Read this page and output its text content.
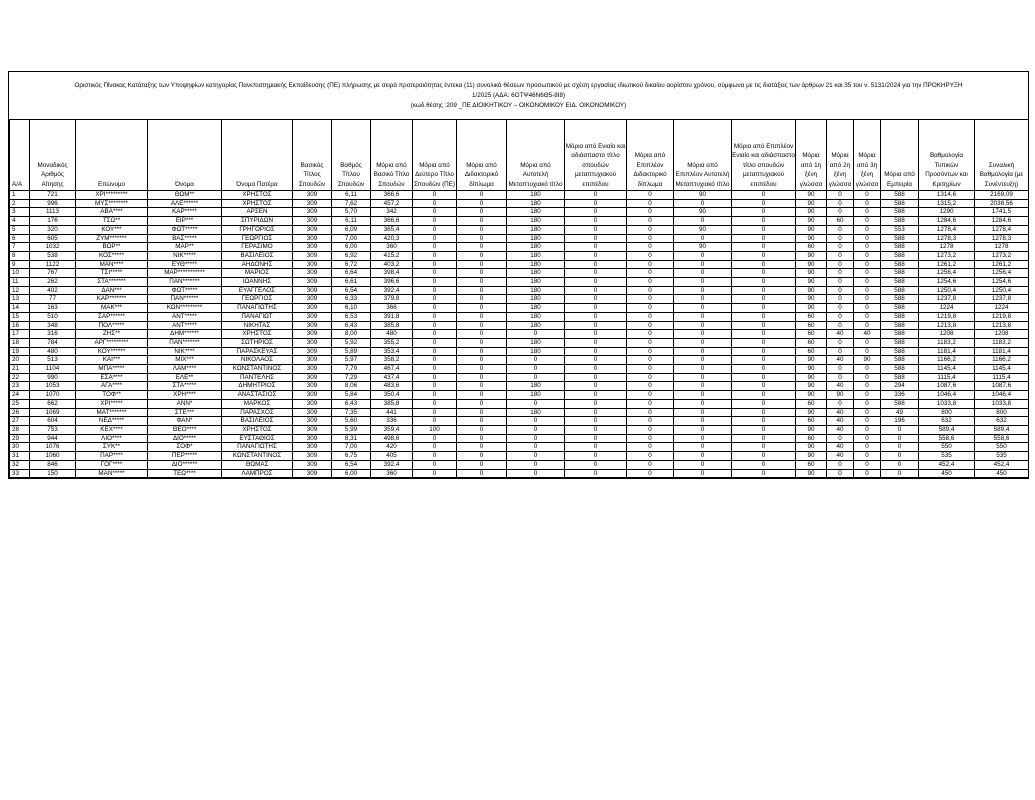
Οριστικός Πίνακας Κατάταξης των Υποψηφίων κατηγορίας Πανεπιστημιακής Εκπαίδευσης (ΠΕ) πλήρωσης με σειρά προτεραιότητας έντεκα (11) συνολικά θέσεων προσωπικού με σχέση εργασίας ιδιωτικού δικαίου αορίστου χρόνου, σύμφωνα με τις διατάξεις των άρθρων 21 και 35 του ν. 5131/2024 για την ΠΡΟΚΗΡΥΞΗ
1/2025 (ΑΔΑ: 6ΟΤΨ46Ν6Θ5-8Ι8)
(κωδ.θέσης :209 _ΠΕ ΔΙΟΙΚΗΤΙΚΟΥ – ΟΙΚΟΝΟΜΙΚΟΥ ΕΙΔ. ΟΙΚΟΝΟΜΙΚΟΥ)
Α/Α	Μοναδικός Αριθμός Αίτησης	Επώνυμο	Όνομα	Όνομα Πατέρα	Βασικός Τίτλος Σπουδών	Βαθμός Τίτλου Σπουδών	Μόρια από Βασικό Τίτλο Σπουδών	Μόρια από Δεύτερο Τίτλο Σπουδών (ΠΕ)	Μόρια από Διδακτορικό δίπλωμα	Μόρια από Αυτοτελή Μεταπτυχιακό τίτλο	Μόρια από Ενιαίο και αδιάσπαστο τίτλο σπουδών μεταπτυχιακού επιπέδου	Μόρια από Επιπλέον Διδακτορικό δίπλωμα	Μόρια από Επιπλέον Αυτοτελή Μεταπτυχιακό τίτλο	Μόρια από Επιπλέον Ενιαίο και αδιάσπαστο τίτλο σπουδών μεταπτυχιακού επιπέδου	Μόρια από 1η ξένη γλώσσα	Μόρια από 2η ξένη γλώσσα	Μόρια από 3η ξένη γλώσσα	Μόρια από Εμπειρία	Βαθμολογία Τυπικών Προσόντων και Κριτηρίων	Συναλική Βαθμολογία (με Συνέντευξη)
1	721	ΧΡΙ*********	ΘΩΜ**	ΧΡΗΣΤΟΣ	309	6,11	366,6	0	0	180	0	0	90	0	90	0	0	588	1314,6	2169,09
2	996	ΜΥΣ********	ΑΛΕ******	ΧΡΗΣΤΟΣ	309	7,62	457,2	0	0	180	0	0	0	0	90	0	0	588	1315,2	2038,56
3	1113	ΑΒΑ****	ΚΑΡ*****	ΑΡΣΕΝ	309	5,70	342	0	0	180	0	0	90	0	90	0	0	588	1290	1741,5
4	176	ΤΣΩ**	ΕΙΡ***	ΣΠΥΡΙΔΩΝ	309	6,11	366,6	0	0	180	0	0	0	0	90	60	0	588	1284,6	1284,6
5	320	ΚΟΥ***	ΦΩΤ*****	ΓΡΗΓΟΡΙΟΣ	309	6,09	365,4	0	0	180	0	0	90	0	90	0	0	553	1278,4	1278,4
6	605	ΖΥΜ*******	ΒΑΣ*****	ΓΕΩΡΓΙΟΣ	309	7,00	420,3	0	0	180	0	0	0	0	90	0	0	588	1278,3	1278,3
7	1032	ΒΩΡ**	ΜΑΡ**	ΓΕΡΑΣΙΜΟ	309	6,00	360	0	0	180	0	0	90	0	60	0	0	588	1278	1278
8	538	ΚΟΣ*****	ΝΙΚ*****	ΒΑΣΙΛΕΙΟΣ	309	6,92	415,2	0	0	180	0	0	0	0	90	0	0	588	1273,2	1273,2
9	1122	ΜΑΝ****	ΕΥΘ*****	ΑΗΔΟΝΗΣ	309	6,72	403,2	0	0	180	0	0	0	0	90	0	0	588	1261,2	1261,2
10	767	ΤΣΙ*****	ΜΑΡ***********	ΜΑΡΙΟΣ	309	6,64	398,4	0	0	180	0	0	0	0	90	0	0	588	1256,4	1256,4
11	262	ΣΤΑ*******	ΠΑΝ*******	ΙΩΑΝΝΗΣ	309	6,61	396,6	0	0	180	0	0	0	0	90	0	0	588	1254,6	1254,6
12	402	ΔΑΝ***	ΦΩΤ*****	ΕΥΑΓΓΕΛΟΣ	309	6,54	392,4	0	0	180	0	0	0	0	90	0	0	588	1250,4	1250,4
13	77	ΚΑΡ*******	ΠΑΝ******	ΓΕΩΡΓΙΟΣ	309	6,33	379,8	0	0	180	0	0	0	0	90	0	0	588	1237,8	1237,8
14	163	ΜΑΚ***	ΚΩΝ*********	ΠΑΝΑΓΙΩΤΗΣ	309	6,10	366	0	0	180	0	0	0	0	90	0	0	588	1224	1224
15	510	ΣΑΡ******	ΑΝΤ*****	ΠΑΝΑΓΙΩΤ	309	6,53	391,8	0	0	180	0	0	0	0	60	0	0	588	1219,8	1219,8
16	348	ΠΟΛ*****	ΑΝΤ*****	ΝΙΚΗΤΑΣ	309	6,43	385,8	0	0	180	0	0	0	0	60	0	0	588	1213,8	1213,8
17	316	ΖΗΣ**	ΔΗΜ******	ΧΡΗΣΤΟΣ	309	8,00	480	0	0	0	0	0	0	0	60	40	40	588	1208	1208
18	784	ΑΡΓ*********	ΠΑΝ*******	ΣΩΤΗΡΙΟΣ	309	5,92	355,2	0	0	180	0	0	0	0	60	0	0	588	1183,2	1183,2
19	480	ΚΟΥ******	ΝΙΚ****	ΠΑΡΑΣΚΕΥΑΣ	309	5,89	353,4	0	0	180	0	0	0	0	60	0	0	588	1181,4	1181,4
20	513	ΚΑΙ***	ΜΙΧ***	ΝΙΚΟΛΑΟΣ	309	5,97	358,2	0	0	0	0	0	0	0	90	40	90	588	1166,2	1166,2
21	1104	ΜΠΑ*****	ΛΑΜ****	ΚΩΝΣΤΑΝΤΙΝΟΣ	309	7,79	467,4	0	0	0	0	0	0	0	90	0	0	588	1145,4	1145,4
22	990	ΕΣΑ****	ΕΛΕ**	ΠΑΝΤΕΛΗΣ	309	7,29	437,4	0	0	0	0	0	0	0	90	0	0	588	1115,4	1115,4
23	1053	ΑΓΑ****	ΣΤΑ*****	ΔΗΜΗΤΡΙΟΣ	309	8,06	483,6	0	0	180	0	0	0	0	90	40	0	294	1087,6	1087,6
24	1070	ΤΟΦ**	ΧΡΗ****	ΑΝΑΣΤΑΣΙΟΣ	309	5,84	350,4	0	0	180	0	0	0	0	90	90	0	336	1046,4	1046,4
25	662	ΧΡΙ*****	ΑΝΝ*	ΜΑΡΚΟΣ	309	6,43	385,8	0	0	0	0	0	0	0	60	0	0	588	1033,8	1033,8
26	1069	ΜΑΤ*******	ΣΤΕ***	ΠΑΡΑΣΧΟΣ	309	7,35	441	0	0	180	0	0	0	0	90	40	0	49	800	800
27	604	ΝΕΔ*****	ΦΑΝ*	ΒΑΣΙΛΕΙΟΣ	309	5,60	336	0	0	0	0	0	0	0	60	40	0	196	632	632
28	753	ΚΕΧ****	ΘΕΟ****	ΧΡΗΣΤΟΣ	309	5,99	359,4	100	0	0	0	0	0	0	90	40	0	0	589,4	589,4
29	944	ΛΙΟ****	ΔΙΟ*****	ΕΥΣΤΑΘΙΟΣ	309	8,31	498,6	0	0	0	0	0	0	0	60	0	0	0	558,6	558,6
30	1076	ΣΥΚ**	ΣΟΦ*	ΠΑΝΑΓΙΩΤΗΣ	309	7,00	420	0	0	0	0	0	0	0	90	40	0	0	550	550
31	1060	ΠΑΡ****	ΠΕΡ*****	ΚΩΝΣΤΑΝΤΙΝΟΣ	309	6,75	405	0	0	0	0	0	0	0	90	40	0	0	535	535
32	846	ΓΟΓ****	ΔΙΟ******	ΘΩΜΑΣ	309	6,54	392,4	0	0	0	0	0	0	0	60	0	0	0	452,4	452,4
33	150	ΜΑΝ*****	ΤΕΩ****	ΛΑΜΠΡΟΣ	309	6,00	360	0	0	0	0	0	0	0	90	0	0	0	450	450
